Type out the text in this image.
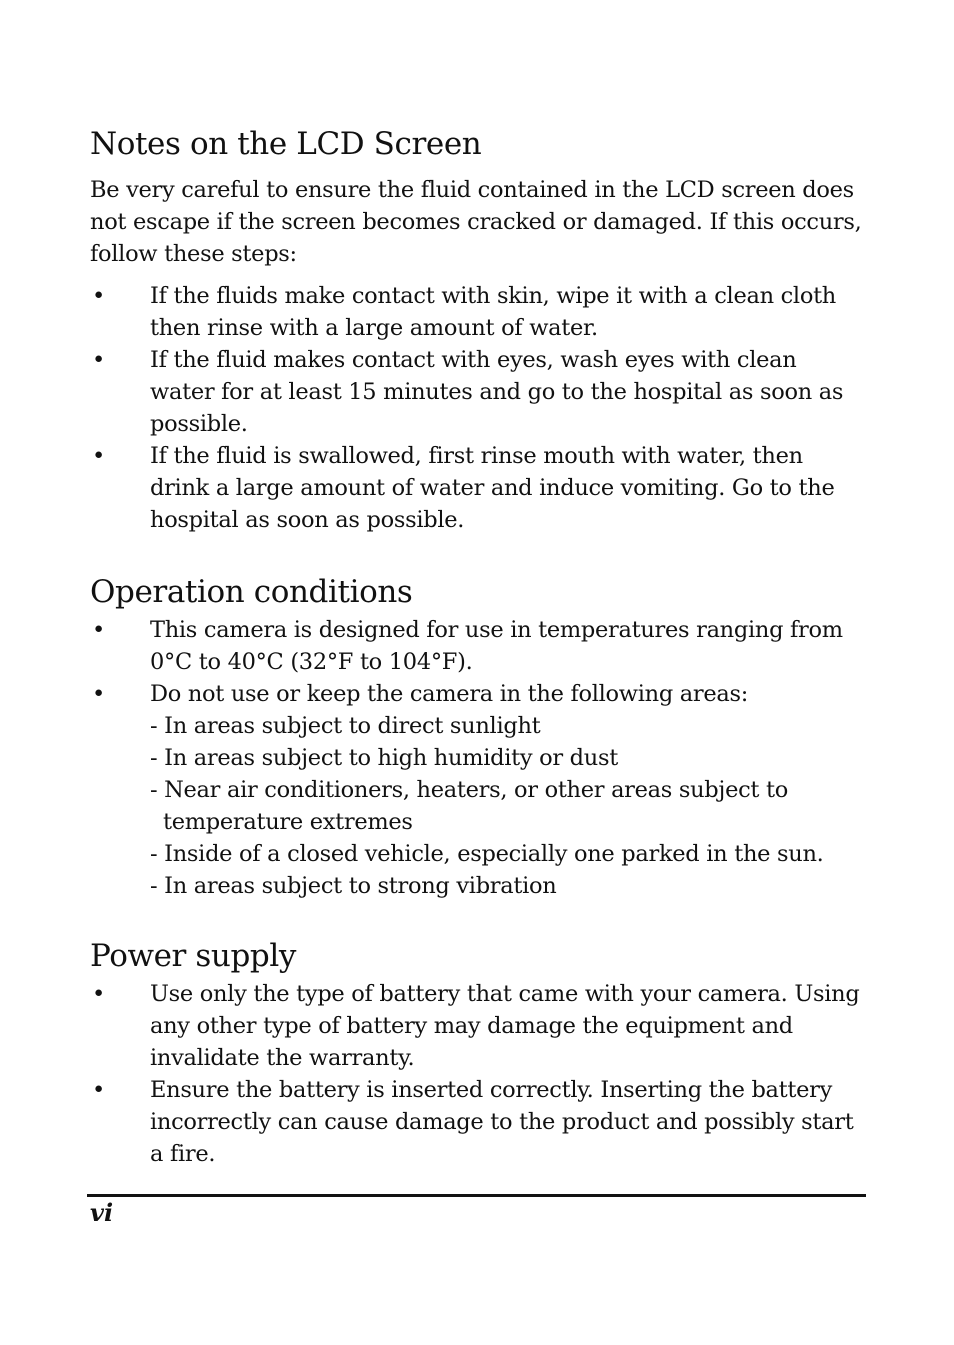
Notes on the LCD Screen

Be very careful to ensure the fluid contained in the LCD screen does not escape if the screen becomes cracked or damaged. If this occurs, follow these steps:

•	If the fluids make contact with skin, wipe it with a clean cloth then rinse with a large amount of water.
•	If the fluid makes contact with eyes, wash eyes with clean water for at least 15 minutes and go to the hospital as soon as possible.
•	If the fluid is swallowed, first rinse mouth with water, then drink a large amount of water and induce vomiting. Go to the hospital as soon as possible.
Operation conditions
•	This camera is designed for use in temperatures ranging from 0°C to 40°C (32°F to 104°F).
•	Do not use or keep the camera in the following areas:
- In areas subject to direct sunlight
- In areas subject to high humidity or dust
- Near air conditioners, heaters, or other areas subject to temperature extremes
- Inside of a closed vehicle, especially one parked in the sun.
- In areas subject to strong vibration
Power supply
•	Use only the type of battery that came with your camera. Using any other type of battery may damage the equipment and invalidate the warranty.
•	Ensure the battery is inserted correctly. Inserting the battery incorrectly can cause damage to the product and possibly start a fire.
vi
